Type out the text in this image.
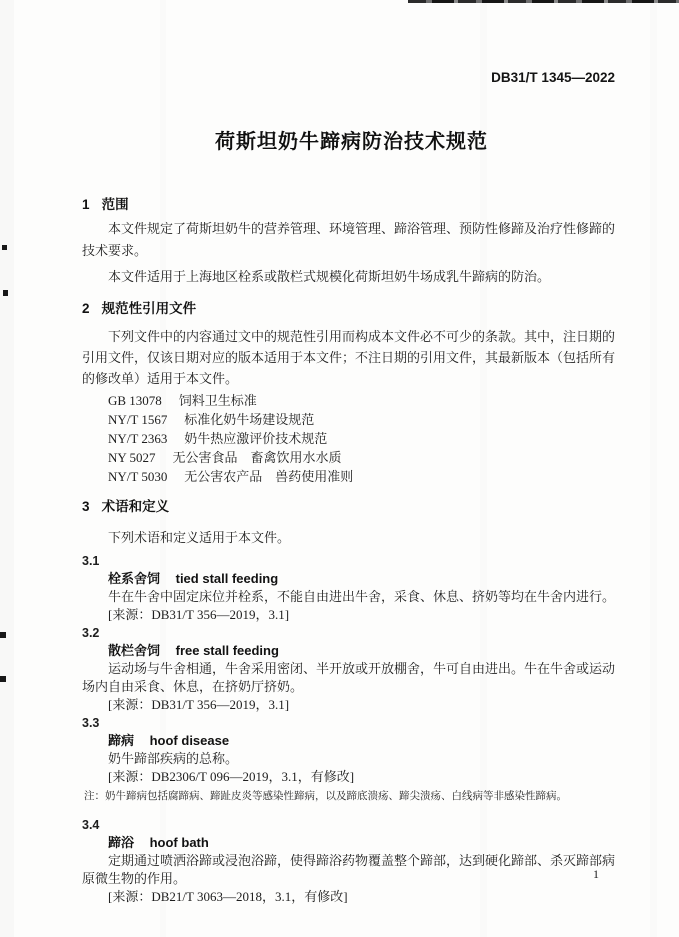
DB31/T 1345—2022
荷斯坦奶牛蹄病防治技术规范
1 范围

本文件规定了荷斯坦奶牛的营养管理、环境管理、蹄浴管理、预防性修蹄及治疗性修蹄的技术要求。

本文件适用于上海地区栓系或散栏式规模化荷斯坦奶牛场成乳牛蹄病的防治。

2 规范性引用文件

下列文件中的内容通过文中的规范性引用而构成本文件必不可少的条款。其中，注日期的引用文件，仅该日期对应的版本适用于本文件；不注日期的引用文件，其最新版本（包括所有的修改单）适用于本文件。

GB 13078 饲料卫生标准
NY/T 1567 标准化奶牛场建设规范
NY/T 2363 奶牛热应激评价技术规范
NY 5027 无公害食品　畜禽饮用水水质
NY/T 5030 无公害农产品　兽药使用准则
3 术语和定义

下列术语和定义适用于本文件。

3.1
栓系舍饲 tied stall feeding

牛在牛舍中固定床位并栓系，不能自由进出牛舍，采食、休息、挤奶等均在牛舍内进行。

[来源：DB31/T 356—2019，3.1]
3.2
散栏舍饲 free stall feeding

运动场与牛舍相通，牛舍采用密闭、半开放或开放棚舍，牛可自由进出。牛在牛舍或运动场内自由采食、休息，在挤奶厅挤奶。

[来源：DB31/T 356—2019，3.1]
3.3
蹄病 hoof disease

奶牛蹄部疾病的总称。

[来源：DB2306/T 096—2019，3.1，有修改]
注：奶牛蹄病包括腐蹄病、蹄趾皮炎等感染性蹄病，以及蹄底溃疡、蹄尖溃疡、白线病等非感染性蹄病。
3.4
蹄浴 hoof bath

定期通过喷洒浴蹄或浸泡浴蹄，使得蹄浴药物覆盖整个蹄部，达到硬化蹄部、杀灭蹄部病原微生物的作用。

[来源：DB21/T 3063—2018，3.1，有修改]
1
